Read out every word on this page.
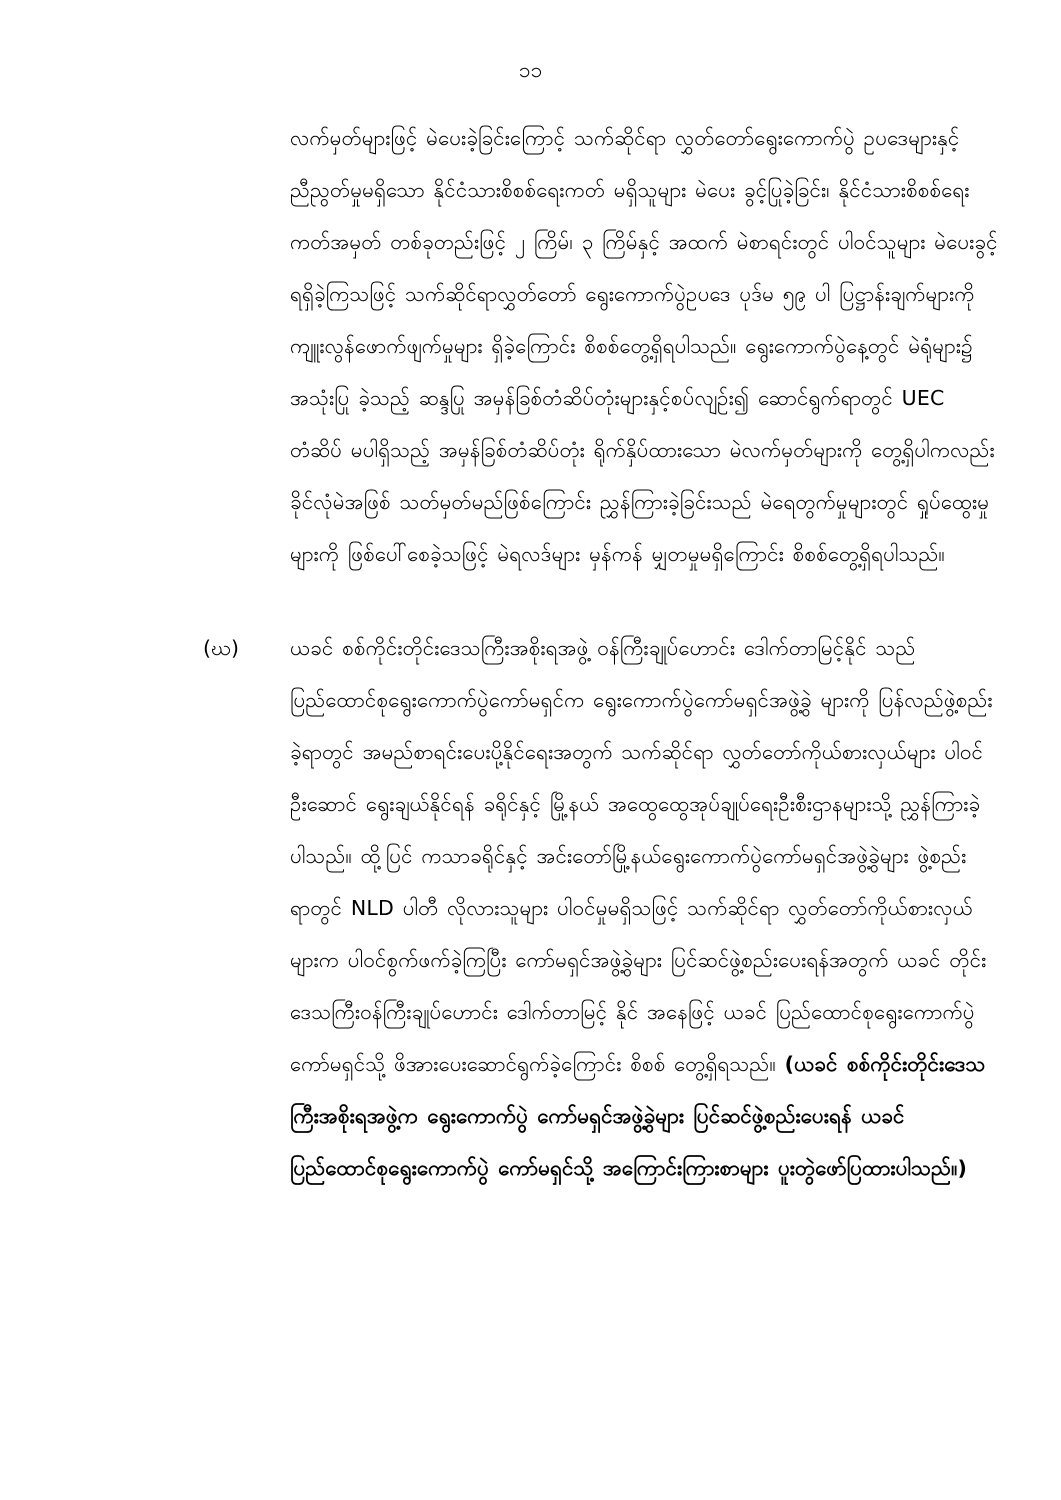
၁၁

လက်မှတ်များဖြင့် မဲပေးခဲ့ခြင်းကြောင့် သက်ဆိုင်ရာ လွှတ်တော်ရွေးကောက်ပွဲ ဥပဒေများနှင့် ညီညွတ်မှုမရှိသော နိုင်ငံသားစိစစ်ရေးကတ် မရှိသူများ မဲပေး ခွင့်ပြုခဲ့ခြင်း၊ နိုင်ငံသားစိစစ်ရေးကတ်အမှတ် တစ်ခုတည်းဖြင့် ၂ ကြိမ်၊ ၃ ကြိမ်နှင့် အထက် မဲစာရင်းတွင် ပါဝင်သူများ မဲပေးခွင့်ရရှိခဲ့ကြသဖြင့် သက်ဆိုင်ရာလွှတ်တော် ရွေးကောက်ပွဲဥပဒေ ပုဒ်မ ၅၉ ပါ ပြဋ္ဌာန်းချက်များကို ကျူးလွန်ဖောက်ဖျက်မှုများ ရှိခဲ့ကြောင်း စိစစ်တွေ့ရှိရပါသည်။ ရွေးကောက်ပွဲနေ့တွင် မဲရုံများ၌ အသုံးပြု ခဲ့သည့် ဆန္ဒပြု အမှန်ခြစ်တံဆိပ်တုံးများနှင့်စပ်လျဉ်း၍ ဆောင်ရွက်ရာတွင် UEC တံဆိပ် မပါရှိသည့် အမှန်ခြစ်တံဆိပ်တုံး ရိုက်နှိပ်ထားသော မဲလက်မှတ်များကို တွေ့ရှိပါကလည်း ခိုင်လုံမဲအဖြစ် သတ်မှတ်မည်ဖြစ်ကြောင်း ညွှန်ကြားခဲ့ခြင်းသည် မဲရေတွက်မှုများတွင် ရှုပ်ထွေးမှုများကို ဖြစ်ပေါ်စေခဲ့သဖြင့် မဲရလဒ်များ မှန်ကန် မျှတမှုမရှိကြောင်း စိစစ်တွေ့ရှိရပါသည်။

(ဃ)	ယခင် စစ်ကိုင်းတိုင်းဒေသကြီးအစိုးရအဖွဲ့ ဝန်ကြီးချုပ်ဟောင်း ဒေါက်တာမြင့်နိုင် သည် ပြည်ထောင်စုရွေးကောက်ပွဲကော်မရှင်က ရွေးကောက်ပွဲကော်မရှင်အဖွဲ့ခွဲ များကို ပြန်လည်ဖွဲ့စည်းခဲ့ရာတွင် အမည်စာရင်းပေးပို့နိုင်ရေးအတွက် သက်ဆိုင်ရာ လွှတ်တော်ကိုယ်စားလှယ်များ ပါဝင်ဦးဆောင် ရွေးချယ်နိုင်ရန် ခရိုင်နှင့် မြို့နယ် အထွေထွေအုပ်ချုပ်ရေးဦးစီးဌာနများသို့ ညွှန်ကြားခဲ့ပါသည်။ ထို့ပြင် ကသာခရိုင်နှင့် အင်းတော်မြို့နယ်ရွေးကောက်ပွဲကော်မရှင်အဖွဲ့ခွဲများ ဖွဲ့စည်းရာတွင် NLD ပါတီ လိုလားသူများ ပါဝင်မှုမရှိသဖြင့် သက်ဆိုင်ရာ လွှတ်တော်ကိုယ်စားလှယ်များက ပါဝင်စွက်ဖက်ခဲ့ကြပြီး ကော်မရှင်အဖွဲ့ခွဲများ ပြင်ဆင်ဖွဲ့စည်းပေးရန်အတွက် ယခင် တိုင်းဒေသကြီးဝန်ကြီးချုပ်ဟောင်း ဒေါက်တာမြင့် နိုင် အနေဖြင့် ယခင် ပြည်ထောင်စုရွေးကောက်ပွဲကော်မရှင်သို့ ဖိအားပေးဆောင်ရွက်ခဲ့ကြောင်း စိစစ် တွေ့ရှိရသည်။ (ယခင် စစ်ကိုင်းတိုင်းဒေသကြီးအစိုးရအဖွဲ့က ရွေးကောက်ပွဲ ကော်မရှင်အဖွဲ့ခွဲများ ပြင်ဆင်ဖွဲ့စည်းပေးရန် ယခင် ပြည်ထောင်စုရွေးကောက်ပွဲ ကော်မရှင်သို့ အကြောင်းကြားစာများ ပူးတွဲဖော်ပြထားပါသည်။)
